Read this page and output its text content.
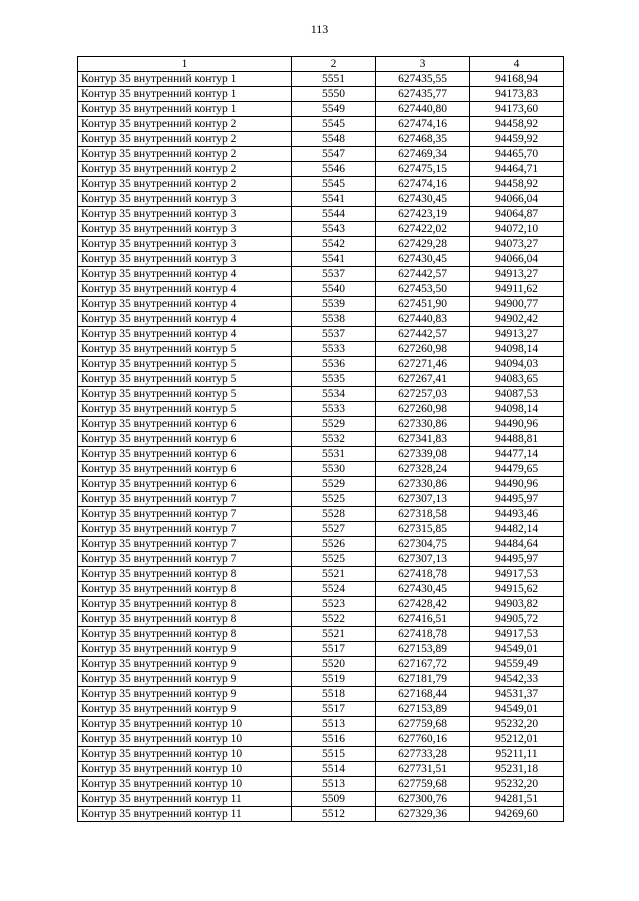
113
1	2	3	4
Контур 35 внутренний контур 1	5551	627435,55	94168,94
Контур 35 внутренний контур 1	5550	627435,77	94173,83
Контур 35 внутренний контур 1	5549	627440,80	94173,60
Контур 35 внутренний контур 2	5545	627474,16	94458,92
Контур 35 внутренний контур 2	5548	627468,35	94459,92
Контур 35 внутренний контур 2	5547	627469,34	94465,70
Контур 35 внутренний контур 2	5546	627475,15	94464,71
Контур 35 внутренний контур 2	5545	627474,16	94458,92
Контур 35 внутренний контур 3	5541	627430,45	94066,04
Контур 35 внутренний контур 3	5544	627423,19	94064,87
Контур 35 внутренний контур 3	5543	627422,02	94072,10
Контур 35 внутренний контур 3	5542	627429,28	94073,27
Контур 35 внутренний контур 3	5541	627430,45	94066,04
Контур 35 внутренний контур 4	5537	627442,57	94913,27
Контур 35 внутренний контур 4	5540	627453,50	94911,62
Контур 35 внутренний контур 4	5539	627451,90	94900,77
Контур 35 внутренний контур 4	5538	627440,83	94902,42
Контур 35 внутренний контур 4	5537	627442,57	94913,27
Контур 35 внутренний контур 5	5533	627260,98	94098,14
Контур 35 внутренний контур 5	5536	627271,46	94094,03
Контур 35 внутренний контур 5	5535	627267,41	94083,65
Контур 35 внутренний контур 5	5534	627257,03	94087,53
Контур 35 внутренний контур 5	5533	627260,98	94098,14
Контур 35 внутренний контур 6	5529	627330,86	94490,96
Контур 35 внутренний контур 6	5532	627341,83	94488,81
Контур 35 внутренний контур 6	5531	627339,08	94477,14
Контур 35 внутренний контур 6	5530	627328,24	94479,65
Контур 35 внутренний контур 6	5529	627330,86	94490,96
Контур 35 внутренний контур 7	5525	627307,13	94495,97
Контур 35 внутренний контур 7	5528	627318,58	94493,46
Контур 35 внутренний контур 7	5527	627315,85	94482,14
Контур 35 внутренний контур 7	5526	627304,75	94484,64
Контур 35 внутренний контур 7	5525	627307,13	94495,97
Контур 35 внутренний контур 8	5521	627418,78	94917,53
Контур 35 внутренний контур 8	5524	627430,45	94915,62
Контур 35 внутренний контур 8	5523	627428,42	94903,82
Контур 35 внутренний контур 8	5522	627416,51	94905,72
Контур 35 внутренний контур 8	5521	627418,78	94917,53
Контур 35 внутренний контур 9	5517	627153,89	94549,01
Контур 35 внутренний контур 9	5520	627167,72	94559,49
Контур 35 внутренний контур 9	5519	627181,79	94542,33
Контур 35 внутренний контур 9	5518	627168,44	94531,37
Контур 35 внутренний контур 9	5517	627153,89	94549,01
Контур 35 внутренний контур 10	5513	627759,68	95232,20
Контур 35 внутренний контур 10	5516	627760,16	95212,01
Контур 35 внутренний контур 10	5515	627733,28	95211,11
Контур 35 внутренний контур 10	5514	627731,51	95231,18
Контур 35 внутренний контур 10	5513	627759,68	95232,20
Контур 35 внутренний контур 11	5509	627300,76	94281,51
Контур 35 внутренний контур 11	5512	627329,36	94269,60
